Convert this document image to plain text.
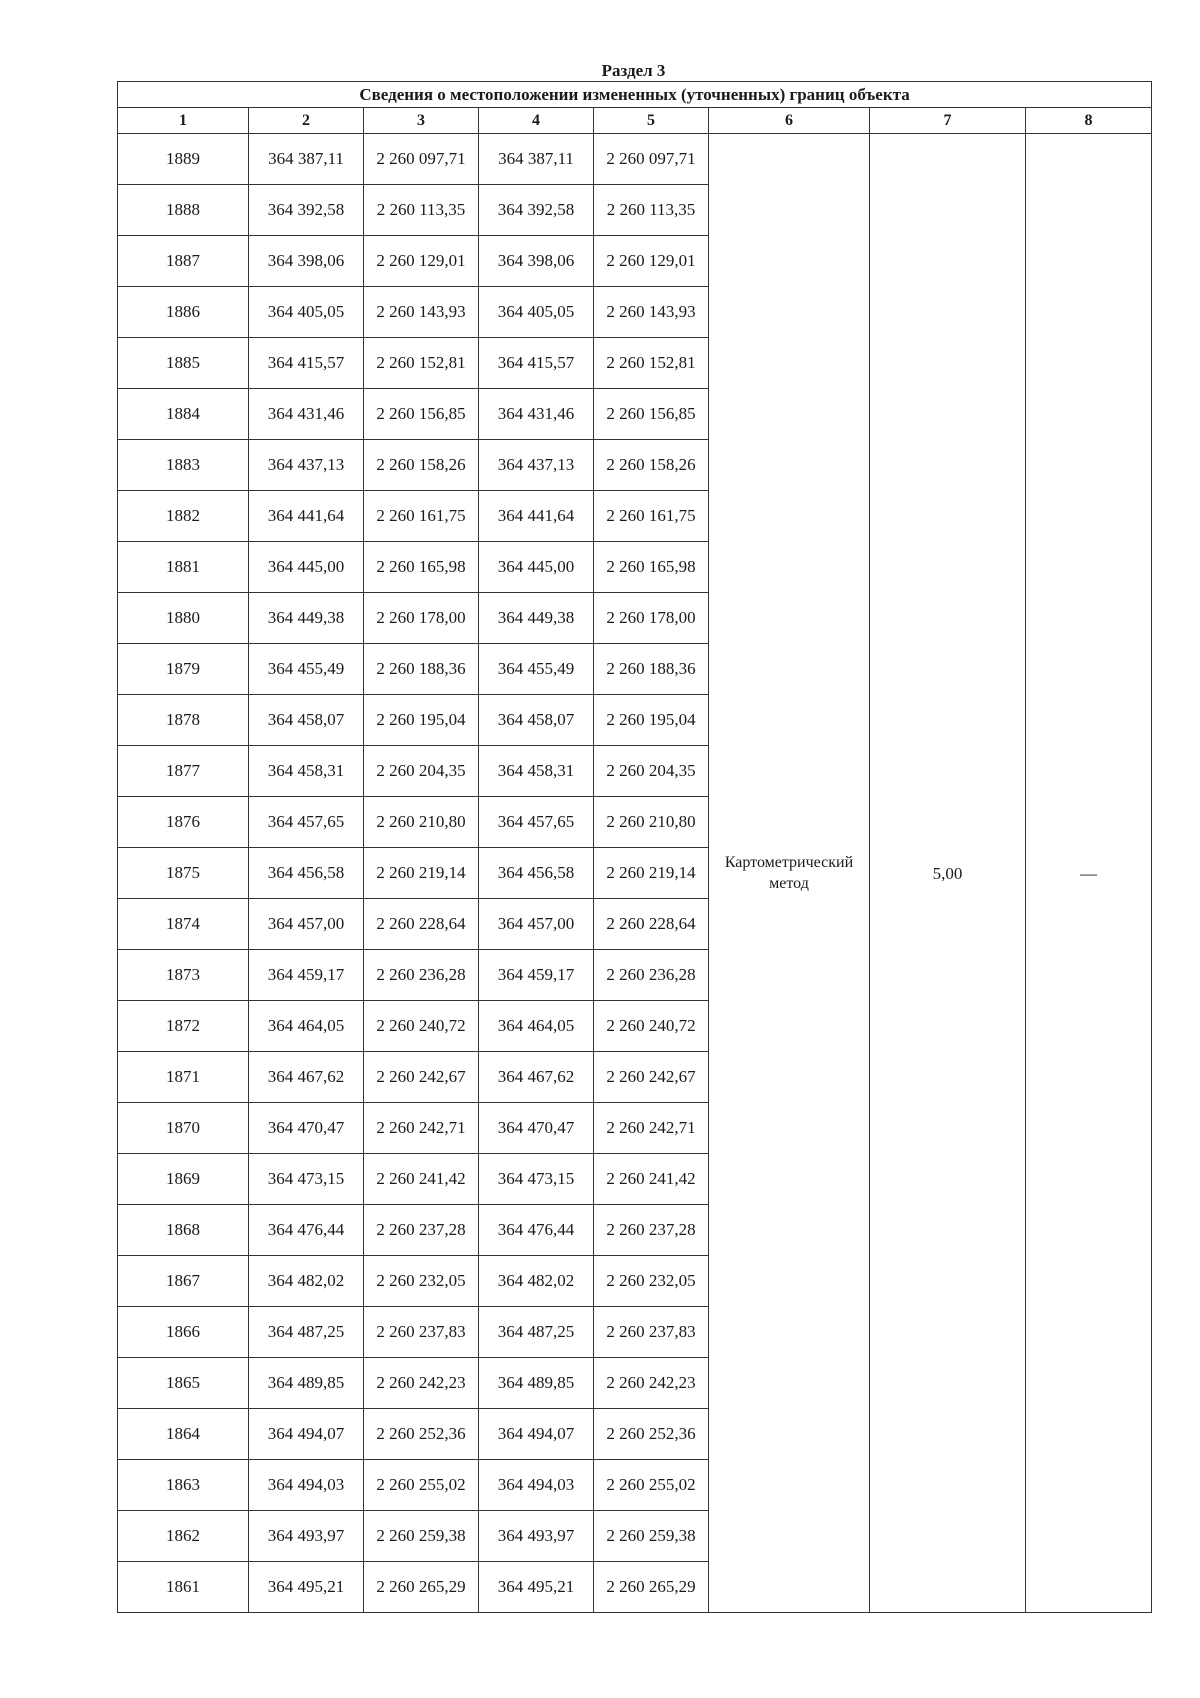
Раздел 3
Сведения о местоположении измененных (уточненных) границ объекта							
1	2	3	4	5	6	7	8
1889	364 387,11	2 260 097,71	364 387,11	2 260 097,71	Картометрический метод	5,00	—
1888	364 392,58	2 260 113,35	364 392,58	2 260 113,35			
1887	364 398,06	2 260 129,01	364 398,06	2 260 129,01			
1886	364 405,05	2 260 143,93	364 405,05	2 260 143,93			
1885	364 415,57	2 260 152,81	364 415,57	2 260 152,81			
1884	364 431,46	2 260 156,85	364 431,46	2 260 156,85			
1883	364 437,13	2 260 158,26	364 437,13	2 260 158,26			
1882	364 441,64	2 260 161,75	364 441,64	2 260 161,75			
1881	364 445,00	2 260 165,98	364 445,00	2 260 165,98			
1880	364 449,38	2 260 178,00	364 449,38	2 260 178,00			
1879	364 455,49	2 260 188,36	364 455,49	2 260 188,36			
1878	364 458,07	2 260 195,04	364 458,07	2 260 195,04			
1877	364 458,31	2 260 204,35	364 458,31	2 260 204,35			
1876	364 457,65	2 260 210,80	364 457,65	2 260 210,80			
1875	364 456,58	2 260 219,14	364 456,58	2 260 219,14			
1874	364 457,00	2 260 228,64	364 457,00	2 260 228,64			
1873	364 459,17	2 260 236,28	364 459,17	2 260 236,28			
1872	364 464,05	2 260 240,72	364 464,05	2 260 240,72			
1871	364 467,62	2 260 242,67	364 467,62	2 260 242,67			
1870	364 470,47	2 260 242,71	364 470,47	2 260 242,71			
1869	364 473,15	2 260 241,42	364 473,15	2 260 241,42			
1868	364 476,44	2 260 237,28	364 476,44	2 260 237,28			
1867	364 482,02	2 260 232,05	364 482,02	2 260 232,05			
1866	364 487,25	2 260 237,83	364 487,25	2 260 237,83			
1865	364 489,85	2 260 242,23	364 489,85	2 260 242,23			
1864	364 494,07	2 260 252,36	364 494,07	2 260 252,36			
1863	364 494,03	2 260 255,02	364 494,03	2 260 255,02			
1862	364 493,97	2 260 259,38	364 493,97	2 260 259,38			
1861	364 495,21	2 260 265,29	364 495,21	2 260 265,29			
